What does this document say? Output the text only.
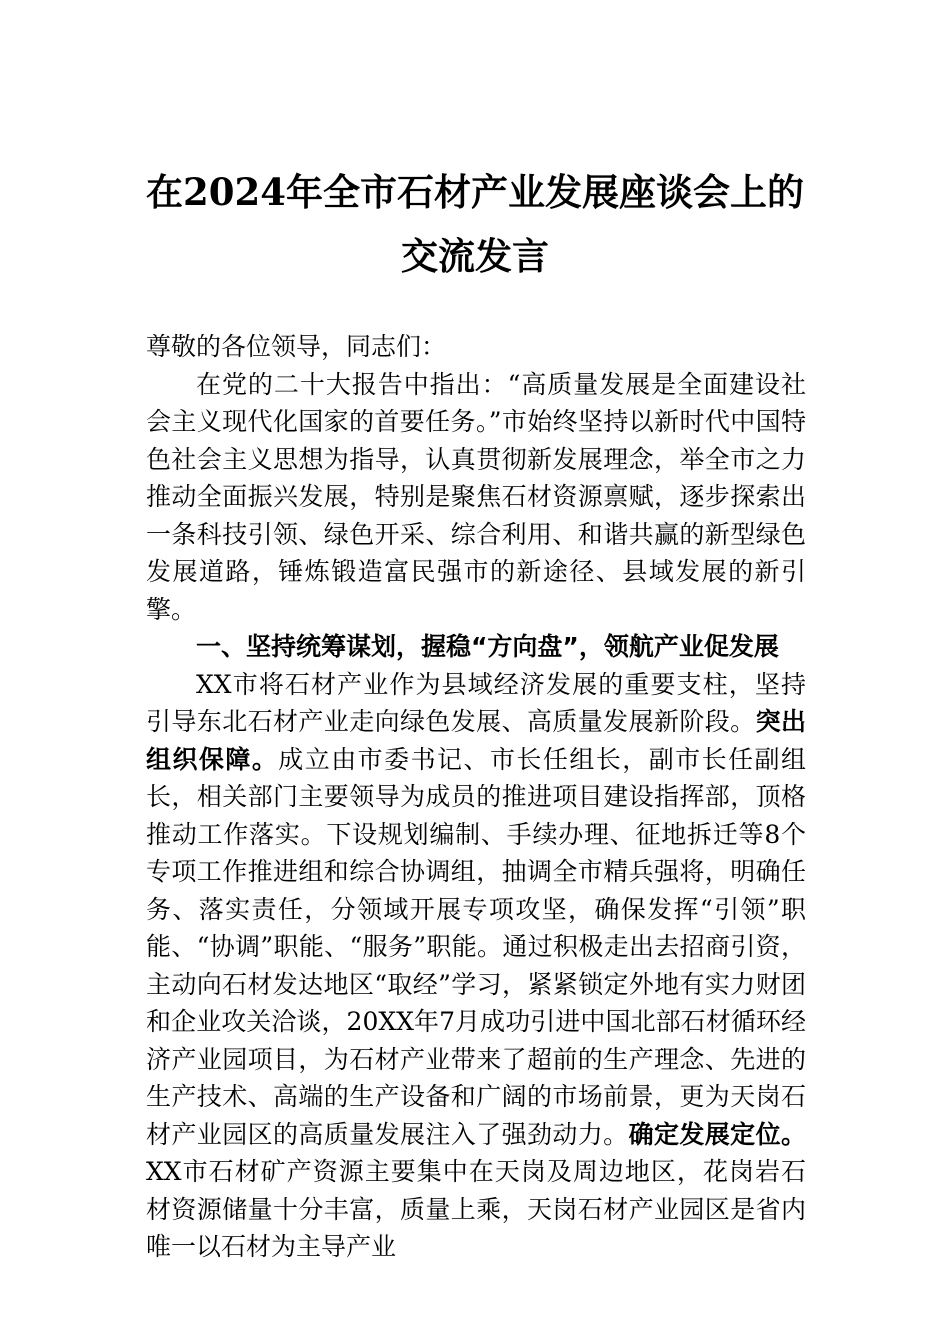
在2024年全市石材产业发展座谈会上的交流发言

尊敬的各位领导，同志们：

在党的二十大报告中指出：“高质量发展是全面建设社会主义现代化国家的首要任务。”市始终坚持以新时代中国特色社会主义思想为指导，认真贯彻新发展理念，举全市之力推动全面振兴发展，特别是聚焦石材资源禀赋，逐步探索出一条科技引领、绿色开采、综合利用、和谐共赢的新型绿色发展道路，锤炼锻造富民强市的新途径、县域发展的新引擎。

一、坚持统筹谋划，握稳“方向盘”，领航产业促发展

XX市将石材产业作为县域经济发展的重要支柱，坚持引导东北石材产业走向绿色发展、高质量发展新阶段。突出组织保障。成立由市委书记、市长任组长，副市长任副组长，相关部门主要领导为成员的推进项目建设指挥部，顶格推动工作落实。下设规划编制、手续办理、征地拆迁等8个专项工作推进组和综合协调组，抽调全市精兵强将，明确任务、落实责任，分领域开展专项攻坚，确保发挥“引领”职能、“协调”职能、“服务”职能。通过积极走出去招商引资，主动向石材发达地区“取经”学习，紧紧锁定外地有实力财团和企业攻关洽谈，20XX年7月成功引进中国北部石材循环经济产业园项目，为石材产业带来了超前的生产理念、先进的生产技术、高端的生产设备和广阔的市场前景，更为天岗石材产业园区的高质量发展注入了强劲动力。确定发展定位。XX市石材矿产资源主要集中在天岗及周边地区，花岗岩石材资源储量十分丰富，质量上乘，天岗石材产业园区是省内唯一以石材为主导产业
